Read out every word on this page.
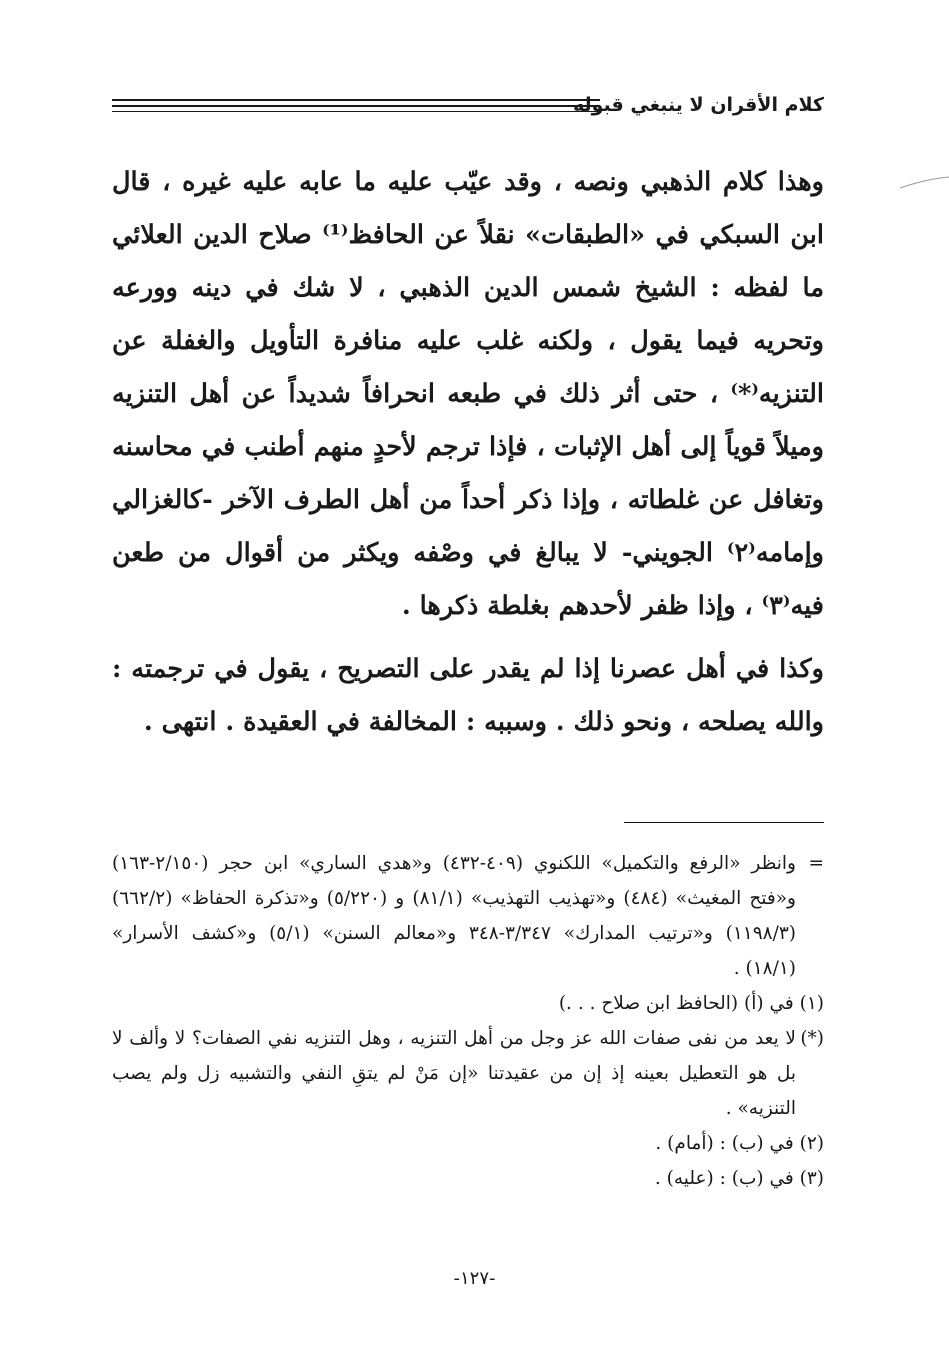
كلام الأقران لا ينبغي قبوله

وهذا كلام الذهبي ونصه ، وقد عيّب عليه ما عابه عليه غيره ، قال ابن السبكي في «الطبقات» نقلاً عن الحافظ⁽¹⁾ صلاح الدين العلائي ما لفظه : الشيخ شمس الدين الذهبي ، لا شك في دينه وورعه وتحريه فيما يقول ، ولكنه غلب عليه منافرة التأويل والغفلة عن التنزيه⁽*⁾ ، حتى أثر ذلك في طبعه انحرافاً شديداً عن أهل التنزيه وميلاً قوياً إلى أهل الإثبات ، فإذا ترجم لأحدٍ منهم أطنب في محاسنه وتغافل عن غلطاته ، وإذا ذكر أحداً من أهل الطرف الآخر -كالغزالي وإمامه⁽٢⁾ الجويني- لا يبالغ في وصْفه ويكثر من أقوال من طعن فيه⁽٣⁾ ، وإذا ظفر لأحدهم بغلطة ذكرها .

وكذا في أهل عصرنا إذا لم يقدر على التصريح ، يقول في ترجمته : والله يصلحه ، ونحو ذلك . وسببه : المخالفة في العقيدة . انتهى .

=
وانظر «الرفع والتكميل» اللكنوي (٤٠٩-٤٣٢) و«هدي الساري» ابن حجر (٢/١٥٠-١٦٣) و«فتح المغيث» (٤٨٤) و«تهذيب التهذيب» (٨١/١) و (٥/٢٢٠) و«تذكرة الحفاظ» (٦٦٢/٢) (١١٩٨/٣) و«ترتيب المدارك» ٣/٣٤٧-٣٤٨ و«معالم السنن» (٥/١) و«كشف الأسرار» (١٨/١) .
(١) في (أ) (الحافظ ابن صلاح . . .)
(*)
لا يعد من نفى صفات الله عز وجل من أهل التنزيه ، وهل التنزيه نفي الصفات؟ لا وألف لا بل هو التعطيل بعينه إذ إن من عقيدتنا «إن مَنْ لم يتقِ النفي والتشبيه زل ولم يصب التنزيه» .
(٢) في (ب) : (أمام) .
(٣) في (ب) : (عليه) .
-١٢٧-
